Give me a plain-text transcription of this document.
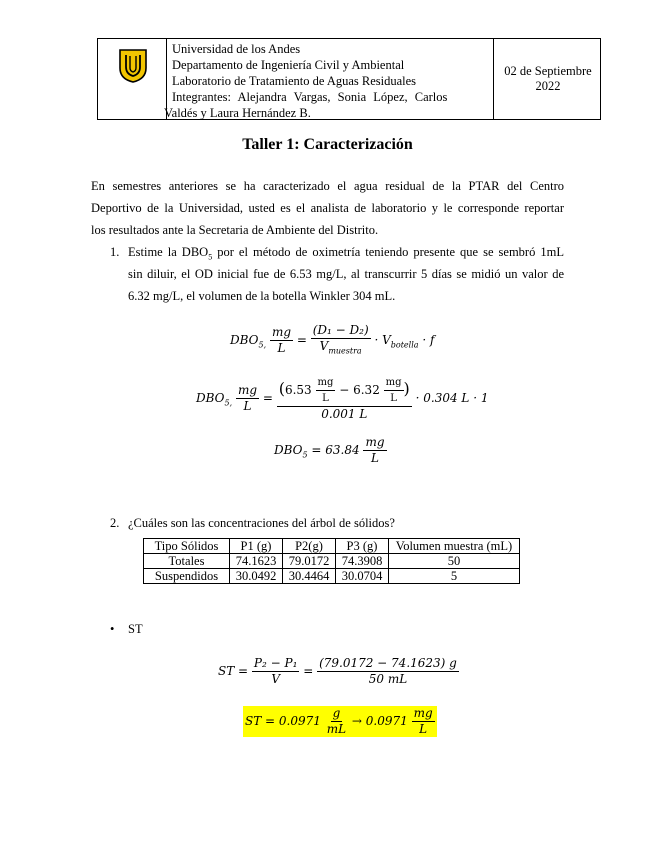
02 de Septiembre 2022
Universidad de los Andes
Departamento de Ingeniería Civil y Ambiental
Laboratorio de Tratamiento de Aguas Residuales
Integrantes: Alejandra Vargas, Sonia López, Carlos
Valdés y Laura Hernández B.
Taller 1: Caracterización
En semestres anteriores se ha caracterizado el agua residual de la PTAR del Centro
Deportivo de la Universidad, usted es el analista de laboratorio y le corresponde reportar
los resultados ante la Secretaria de Ambiente del Distrito.
1. Estime la $DBO_5$ por el método de oximetría teniendo presente que se sembró 1mL
sin diluir, el OD inicial fue de 6.53 mg/L, al transcurrir 5 días se midió un valor de
6.32 mg/L, el volumen de la botella Winkler 304 mL.
$DBO_{5,} \frac{mg}{L} = \frac{\text{(D₁ − D₂)}}{V_{muestra}} \cdot V_{botella} \cdot f$
$DBO_{5,} \frac{mg}{L} = \frac{(6.53 \frac{mg}{L} - 6.32 \frac{mg}{L} )}{0.001 L} \cdot 0.304$ L · 1
$DBO_5 = 63.84 \frac{mg}{L}$
2. ¿Cuáles son las concentraciones del árbol de sólidos?
Tipo Sólidos	P1 (g)	P2(g)	P3 (g)	Volumen muestra (mL)
Totales	74.1623	79.0172	74.3908	50
Suspendidos	30.0492	30.4464	30.0704	5
• ST
ST = $\frac{\text{P₂ − P₁}}{V} = \frac{(79.0172 - 74.1623) g}{50 mL}$
ST = $0.0971 \frac{g}{mL} \to 0.0971 \frac{mg}{L}$
